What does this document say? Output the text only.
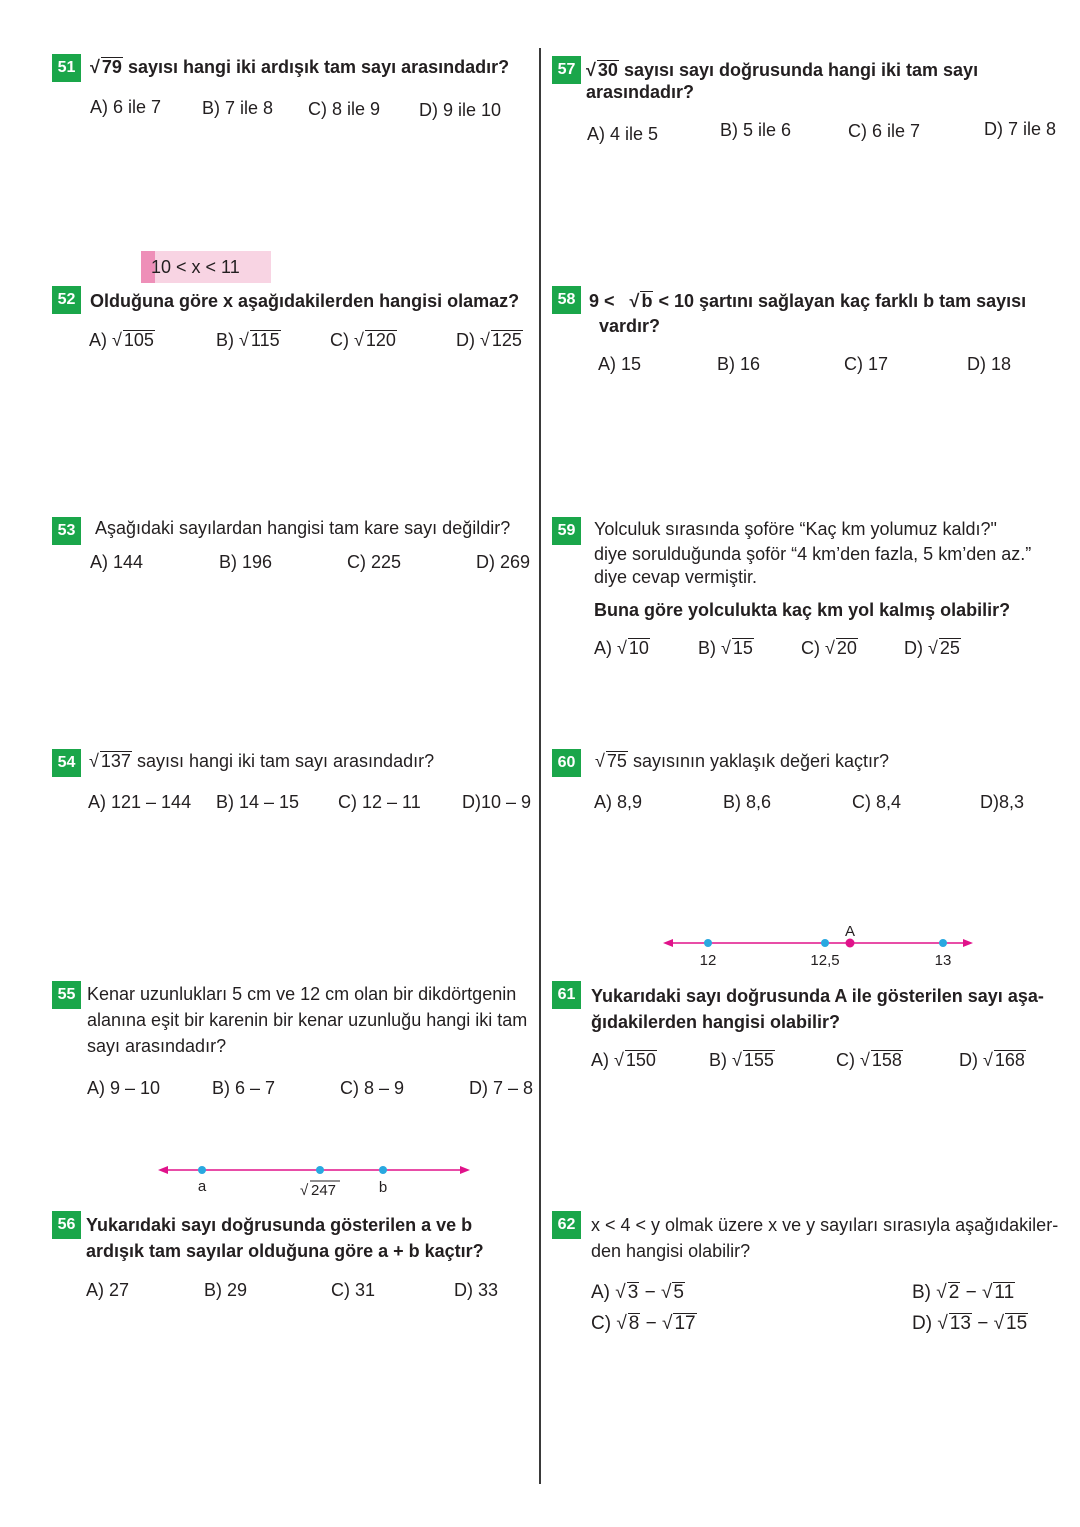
51 √ 79 sayısı hangi iki ardışık tam sayı arasındadır?
A) 6 ile 7 B) 7 ile 8 C) 8 ile 9 D) 9 ile 10
10 < x < 11
52 Olduğuna göre x aşağıdakilerden hangisi olamaz?
A) √ 105	B) √ 115	C) √ 120	D) √ 125
53	Aşağıdaki sayılardan hangisi tam kare sayı değildir?
A) 144	B) 196	C) 225	D) 269
54 √ 137 sayısı hangi iki tam sayı arasındadır?
A) 121 – 144 B) 14 – 15 C) 12 – 11 D)10 – 9
55 Kenar uzunlukları 5 cm ve 12 cm olan bir dikdörtgenin
alanına eşit bir karenin bir kenar uzunluğu hangi iki tam
sayı arasındadır?
A) 9 – 10	B) 6 – 7	C) 8 – 9	D) 7 – 8
a	√ 247	b
56 Yukarıdaki sayı doğrusunda gösterilen a ve b
ardışık tam sayılar olduğuna göre a + b kaçtır?
A) 27	B) 29	C) 31	D) 33
57 √ 30 sayısı sayı doğrusunda hangi iki tam sayı
arasındadır?
A) 4 ile 5	B) 5 ile 6	C) 6 ile 7	D) 7 ile 8
58 9 < √ b < 10 şartını sağlayan kaç farklı b tam sayısı
vardır?
A) 15	B) 16	C) 17	D) 18
59	Yolculuk sırasında şoföre “Kaç km yolumuz kaldı?"
diye sorulduğunda şoför “4 km’den fazla, 5 km’den az.”
diye cevap vermiştir.
Buna göre yolculukta kaç km yol kalmış olabilir?
A) √ 10	B) √ 15	C) √ 20	D) √ 25
60	√ 75 sayısının yaklaşık değeri kaçtır?
A) 8,9	B) 8,6	C) 8,4	D)8,3
A
12	12,5	13
61 Yukarıdaki sayı doğrusunda A ile gösterilen sayı aşa-
ğıdakilerden hangisi olabilir?
A) √ 150	B) √ 155	C) √ 158	D) √ 168
62 x < 4 < y olmak üzere x ve y sayıları sırasıyla aşağıdakiler-
den hangisi olabilir?
A) √ 3 − √ 5	B) √ 2 − √ 11
C) √ 8 − √ 17	D) √ 13 − √ 15
